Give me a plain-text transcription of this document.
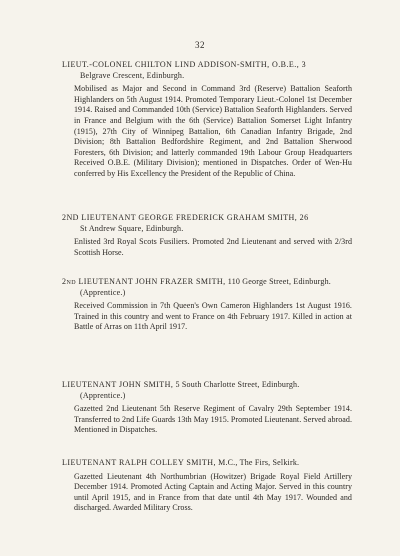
32
LIEUT.-COLONEL CHILTON LIND ADDISON-SMITH, O.B.E., 3
Belgrave Crescent, Edinburgh.
Mobilised as Major and Second in Command 3rd (Reserve) Battalion Seaforth Highlanders on 5th August 1914. Promoted Temporary Lieut.-Colonel 1st December 1914. Raised and Commanded 10th (Service) Battalion Seaforth Highlanders. Served in France and Belgium with the 6th (Service) Battalion Somerset Light Infantry (1915), 27th City of Winnipeg Battalion, 6th Canadian Infantry Brigade, 2nd Division; 8th Battalion Bedfordshire Regiment, and 2nd Battalion Sherwood Foresters, 6th Division; and latterly commanded 19th Labour Group Headquarters Received O.B.E. (Military Division); mentioned in Dispatches. Order of Wen-Hu conferred by His Excellency the President of the Republic of China.
2ND LIEUTENANT GEORGE FREDERICK GRAHAM SMITH, 26
St Andrew Square, Edinburgh.
Enlisted 3rd Royal Scots Fusiliers. Promoted 2nd Lieutenant and served with 2/3rd Scottish Horse.
2nd LIEUTENANT JOHN FRAZER SMITH, 110 George Street, Edinburgh.
(Apprentice.)
Received Commission in 7th Queen's Own Cameron Highlanders 1st August 1916. Trained in this country and went to France on 4th February 1917. Killed in action at Battle of Arras on 11th April 1917.
LIEUTENANT JOHN SMITH, 5 South Charlotte Street, Edinburgh.
(Apprentice.)
Gazetted 2nd Lieutenant 5th Reserve Regiment of Cavalry 29th September 1914. Transferred to 2nd Life Guards 13th May 1915. Promoted Lieutenant. Served abroad. Mentioned in Dispatches.
LIEUTENANT RALPH COLLEY SMITH, M.C., The Firs, Selkirk.
Gazetted Lieutenant 4th Northumbrian (Howitzer) Brigade Royal Field Artillery December 1914. Promoted Acting Captain and Acting Major. Served in this country until April 1915, and in France from that date until 4th May 1917. Wounded and discharged. Awarded Military Cross.
